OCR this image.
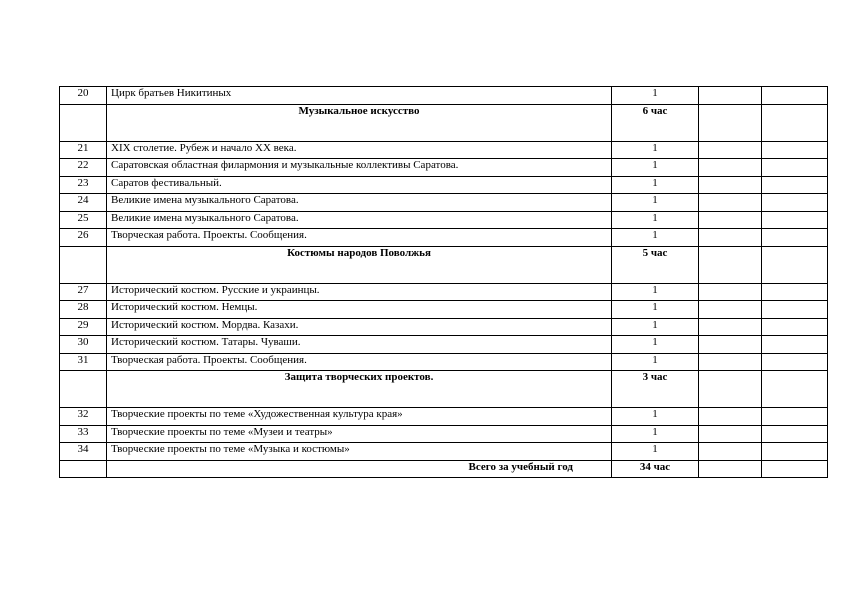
20	Цирк братьев Никитиных	1		
	Музыкальное искусство	6 час		
21	XIX столетие. Рубеж и начало XX века.	1		
22	Саратовская областная филармония и музыкальные коллективы Саратова.	1		
23	Саратов фестивальный.	1		
24	Великие имена музыкального Саратова.	1		
25	Великие имена музыкального Саратова.	1		
26	Творческая работа. Проекты. Сообщения.	1		
	Костюмы народов Поволжья	5 час		
27	Исторический костюм. Русские и украинцы.	1		
28	Исторический костюм. Немцы.	1		
29	Исторический костюм. Мордва. Казахи.	1		
30	Исторический костюм. Татары. Чуваши.	1		
31	Творческая работа. Проекты. Сообщения.	1		
	Защита творческих проектов.	3 час		
32	Творческие проекты по теме «Художественная культура края»	1		
33	Творческие проекты по теме «Музеи и театры»	1		
34	Творческие проекты по теме «Музыка и костюмы»	1		
	Всего за учебный год	34 час		
